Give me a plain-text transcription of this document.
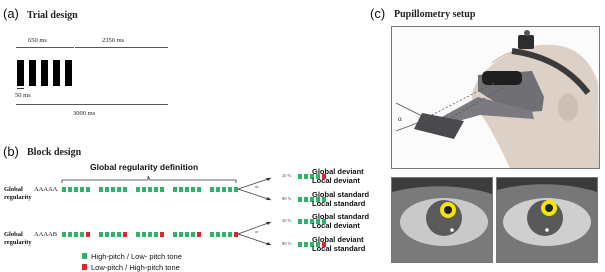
(a) Trial design
650 ms	2350 ms
50 ms
3000 ms
(b) Block design
Global regularity definition
or
or
Global
regularity
AAAAA
Global
regularity
AAAAB
20 %	Global deviant
Local deviant
80 %	Global standard
Local standard
20 %	Global standard
Local deviant
80 %	Global deviant
Local standard
High-pitch / Low- pitch tone
Low-pitch / High-pitch tone
(c) Pupillometry setup
α
